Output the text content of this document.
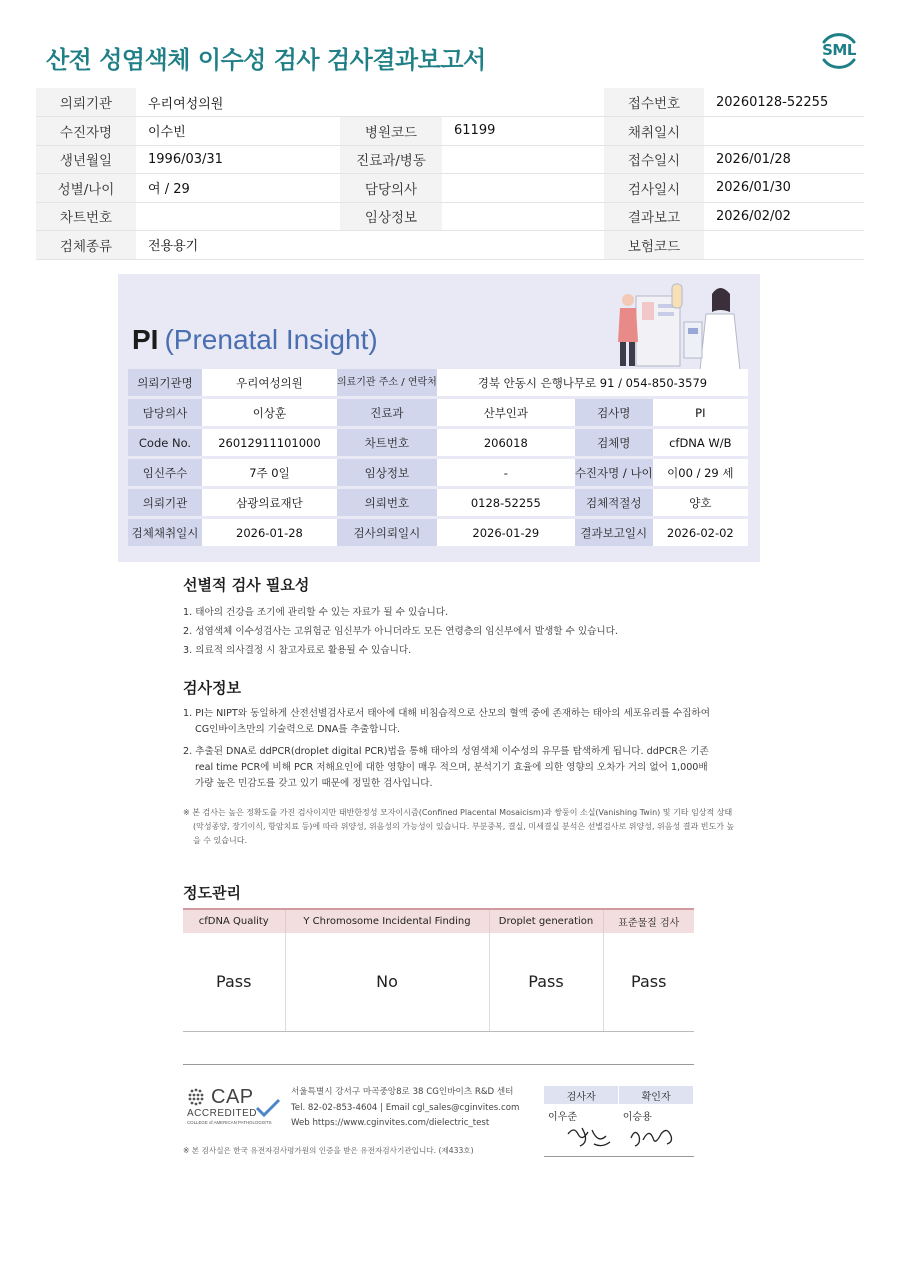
산전 성염색체 이수성 검사 검사결과보고서	SML
의뢰기관	우리여성의원			접수번호	20260128-52255
수진자명	이수빈	병원코드	61199	채취일시	
생년월일	1996/03/31	진료과/병동		접수일시	2026/01/28
성별/나이	여 / 29	담당의사		검사일시	2026/01/30
차트번호		임상정보		결과보고	2026/02/02
검체종류	전용용기			보험코드	
PI (Prenatal Insight)
의뢰기관명	우리여성의원	의료기관 주소 / 연락처	경북 안동시 은행나무로 91 / 054-850-3579		
담당의사	이상훈	진료과	산부인과	검사명	PI
Code No.	26012911101000	차트번호	206018	검체명	cfDNA W/B
임신주수	7주 0일	임상정보	-	수진자명 / 나이	이00 / 29 세
의뢰기관	삼광의료재단	의뢰번호	0128-52255	검체적절성	양호
검체채취일시	2026-01-28	검사의뢰일시	2026-01-29	결과보고일시	2026-02-02
선별적 검사 필요성
1. 태아의 건강을 조기에 관리할 수 있는 자료가 될 수 있습니다.
2. 성염색체 이수성검사는 고위험군 임신부가 아니더라도 모든 연령층의 임신부에서 발생할 수 있습니다.
3. 의료적 의사결정 시 참고자료로 활용될 수 있습니다.
검사정보
1. PI는 NIPT와 동일하게 산전선별검사로서 태아에 대해 비침습적으로 산모의 혈액 중에 존재하는 태아의 세포유리를 수집하여
CG인바이츠만의 기술력으로 DNA를 추출합니다.
2. 추출된 DNA로 ddPCR(droplet digital PCR)법을 통해 태아의 성염색체 이수성의 유무를 탐색하게 됩니다. ddPCR은 기존
real time PCR에 비해 PCR 저해요인에 대한 영향이 매우 적으며, 분석기기 효율에 의한 영향의 오차가 거의 없어 1,000배
가량 높은 민감도를 갖고 있기 때문에 정밀한 검사입니다.
※ 본 검사는 높은 정확도를 가진 검사이지만 태반한정성 모자이시즘(Confined Placental Mosaicism)과 쌍둥이 소실(Vanishing Twin) 및 기타 임상적 상태
(악성종양, 장기이식, 항암치료 등)에 따라 위양성, 위음성의 가능성이 있습니다. 부분중복, 결실, 미세결실 분석은 선별검사로 위양성, 위음성 결과 빈도가 높
을 수 있습니다.
정도관리
cfDNA Quality	Y Chromosome Incidental Finding	Droplet generation	표준물질 검사
Pass	No	Pass	Pass
CAP
ACCREDITED
COLLEGE of AMERICAN PATHOLOGISTS
서울특별시 강서구 마곡중앙8로 38 CG인바이츠 R&D 센터
Tel. 82-02-853-4604 | Email cgl_sales@cginvites.com
Web https://www.cginvites.com/dielectric_test
검사자	확인자
이우준	이승용
※ 본 검사실은 한국 유전자검사평가원의 인증을 받은 유전자검사기관입니다. (제433호)
